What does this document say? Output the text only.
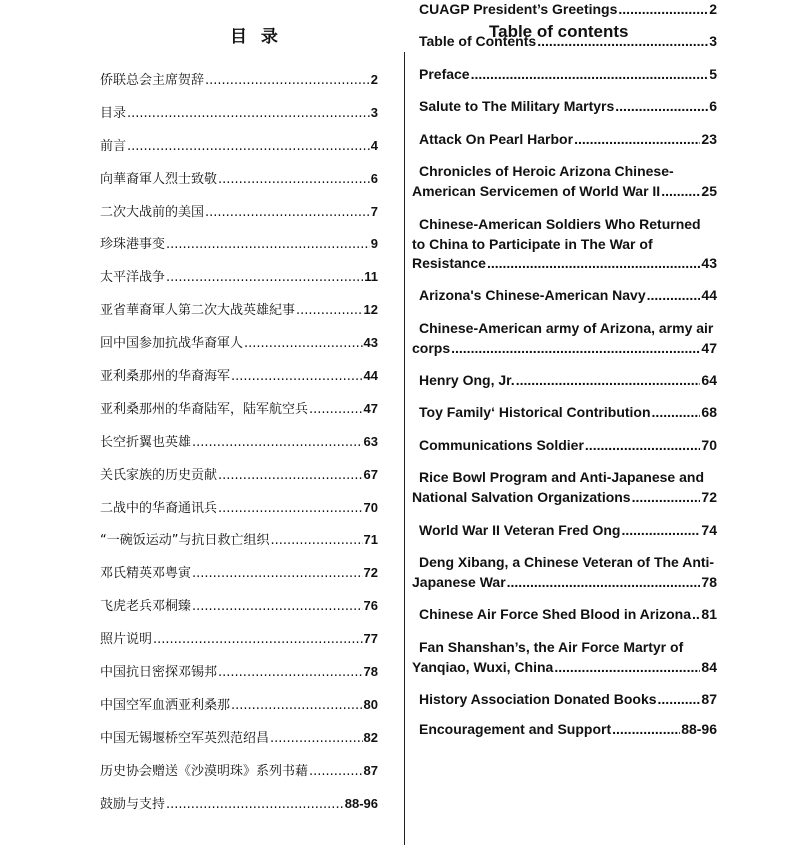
目 录	Table of contents
侨联总会主席贺辞 .....	2
目录 .....	3
前言 .....	4
向華裔軍人烈士致敬 .....	6
二次大战前的美国 .....	7
珍珠港事变 .....	9
太平洋战争 .....	11
亚省華裔軍人第二次大战英雄紀事 .....	12
回中国参加抗战华裔軍人 .....	43
亚利桑那州的华裔海军 .....	44
亚利桑那州的华裔陆军，陆军航空兵 .....	47
长空折翼也英雄 .....	63
关氏家族的历史贡献 .....	67
二战中的华裔通讯兵 .....	70
“一碗饭运动”与抗日救亡组织 .....	71
邓氏精英邓粤寅 .....	72
飞虎老兵邓桐臻 .....	76
照片说明 .....	77
中国抗日密探邓锡邦 .....	78
中国空军血洒亚利桑那 .....	80
中国无锡堰桥空军英烈范绍昌 .....	82
历史协会赠送《沙漠明珠》系列书藉 .....	87
鼓励与支持 .....	88-96
CUAGP President’s Greetings .....	2
Table of Contents .....	3
Preface .....	5
Salute to The Military Martyrs .....	6
Attack On Pearl Harbor .....	23
Chronicles of Heroic Arizona Chinese-
American Servicemen of World War II .....	25
Chinese-American Soldiers Who Returned
to China to Participate in The War of
Resistance .....	43
Arizona's Chinese-American Navy .....	44
Chinese-American army of Arizona, army air
corps .....	47
Henry Ong, Jr. .....	64
Toy Family‘ Historical Contribution .....	68
Communications Soldier .....	70
Rice Bowl Program and Anti-Japanese and
National Salvation Organizations .....	72
World War II Veteran Fred Ong .....	74
Deng Xibang, a Chinese Veteran of The Anti-
Japanese War .....	78
Chinese Air Force Shed Blood in Arizona ..... 81
Fan Shanshan’s, the Air Force Martyr of
Yanqiao, Wuxi, China .....	84
History Association Donated Books .....	87
Encouragement and Support .....	88-96
